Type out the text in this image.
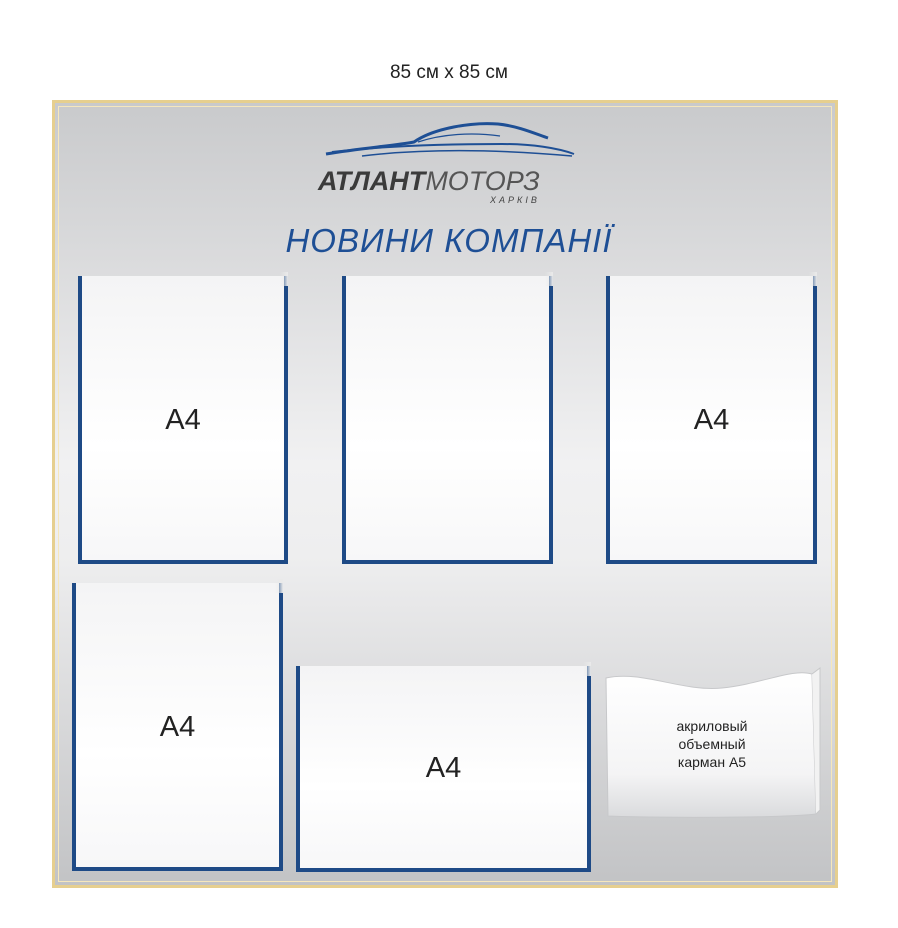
85 см х 85 см
АТЛАНТМОТОРЗ
ХАРКІВ
НОВИНИ КОМПАНІЇ
А4	А4
А4
А4
акриловый
объемный
карман А5
